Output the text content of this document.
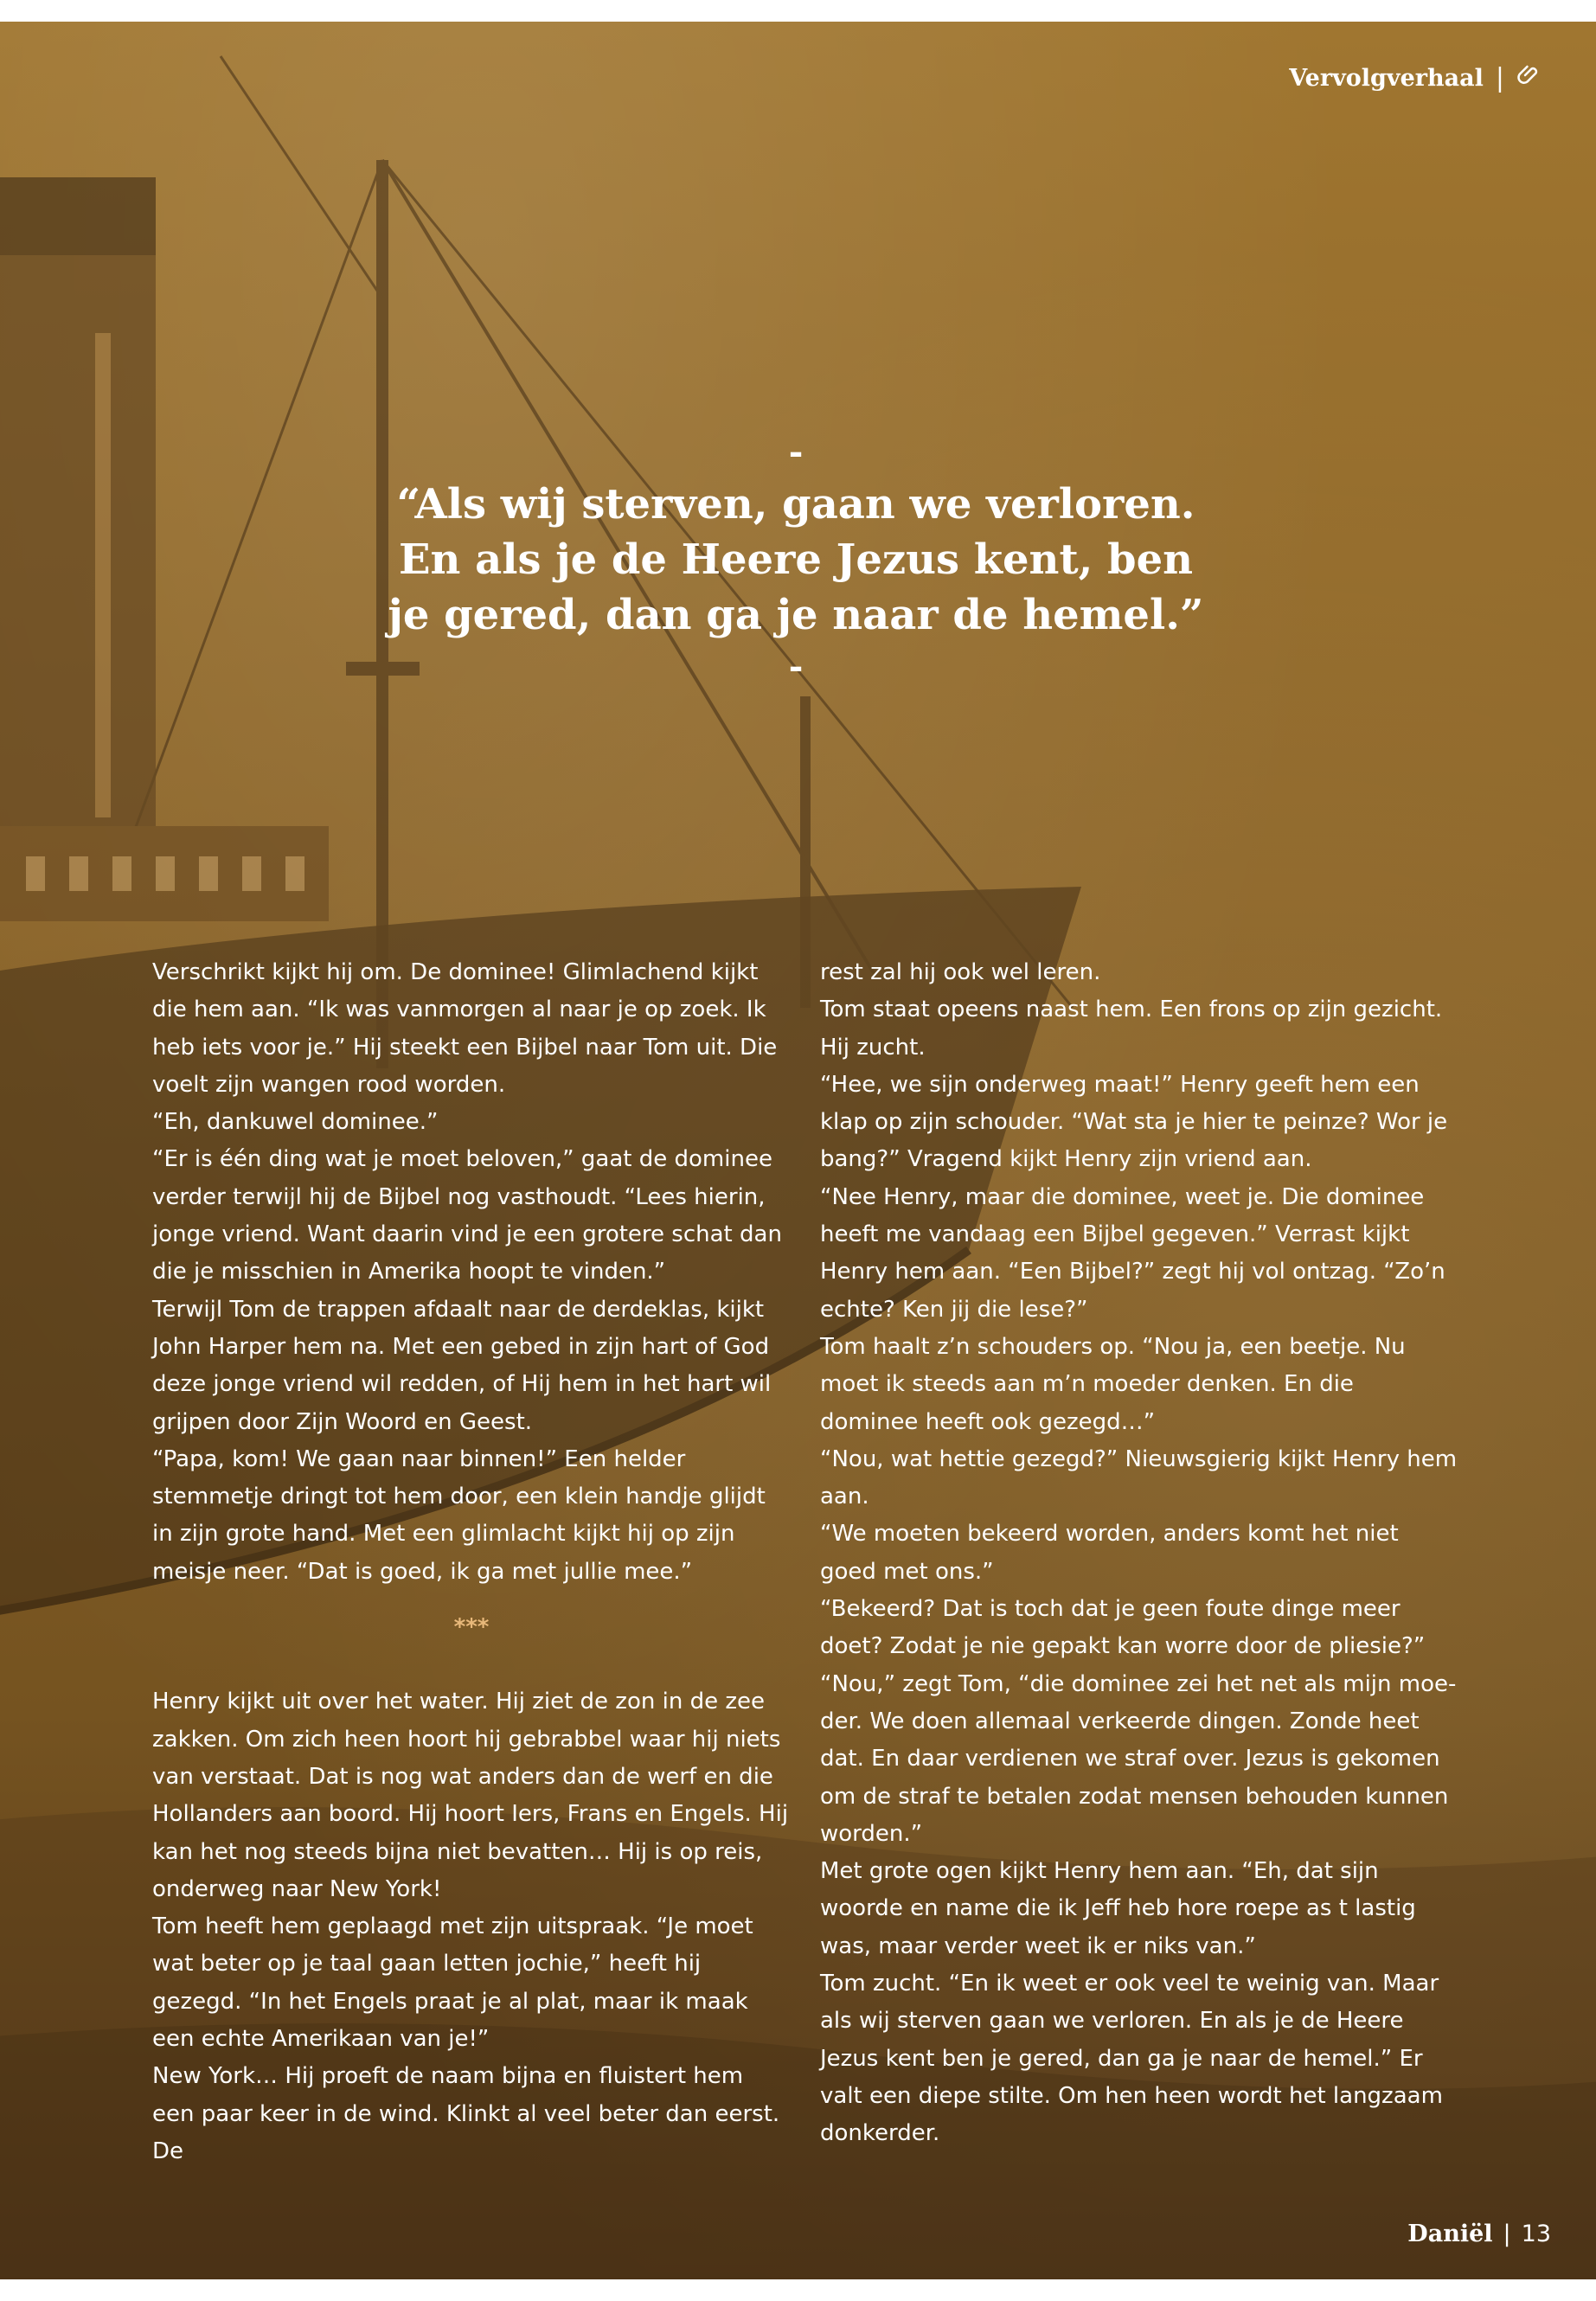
Vervolgverhaal |
-
“Als wij sterven, gaan we verloren. En als je de Heere Jezus kent, ben je gered, dan ga je naar de hemel.”
-

Verschrikt kijkt hij om. De dominee! Glimlachend kijkt die hem aan. “Ik was vanmorgen al naar je op zoek. Ik heb iets voor je.” Hij steekt een Bijbel naar Tom uit. Die voelt zijn wangen rood worden.

“Eh, dankuwel dominee.”

“Er is één ding wat je moet beloven,” gaat de dominee verder terwijl hij de Bijbel nog vasthoudt. “Lees hierin, jonge vriend. Want daarin vind je een grotere schat dan die je misschien in Amerika hoopt te vinden.”

Terwijl Tom de trappen afdaalt naar de derdeklas, kijkt John Harper hem na. Met een gebed in zijn hart of God deze jonge vriend wil redden, of Hij hem in het hart wil grijpen door Zijn Woord en Geest.

“Papa, kom! We gaan naar binnen!” Een helder stemmetje dringt tot hem door, een klein handje glijdt in zijn grote hand. Met een glimlacht kijkt hij op zijn meisje neer. “Dat is goed, ik ga met jullie mee.”

***

Henry kijkt uit over het water. Hij ziet de zon in de zee zakken. Om zich heen hoort hij gebrabbel waar hij niets van verstaat. Dat is nog wat anders dan de werf en die Hollanders aan boord. Hij hoort Iers, Frans en Engels. Hij kan het nog steeds bijna niet bevatten… Hij is op reis, onderweg naar New York!

Tom heeft hem geplaagd met zijn uitspraak. “Je moet wat beter op je taal gaan letten jochie,” heeft hij gezegd. “In het Engels praat je al plat, maar ik maak een echte Amerikaan van je!”

New York… Hij proeft de naam bijna en fluistert hem een paar keer in de wind. Klinkt al veel beter dan eerst. De

rest zal hij ook wel leren.

Tom staat opeens naast hem. Een frons op zijn gezicht. Hij zucht.

“Hee, we sijn onderweg maat!” Henry geeft hem een klap op zijn schouder. “Wat sta je hier te peinze? Wor je bang?” Vragend kijkt Henry zijn vriend aan.

“Nee Henry, maar die dominee, weet je. Die dominee heeft me vandaag een Bijbel gegeven.” Verrast kijkt Henry hem aan. “Een Bijbel?” zegt hij vol ontzag. “Zo’n echte? Ken jij die lese?”

Tom haalt z’n schouders op. “Nou ja, een beetje. Nu moet ik steeds aan m’n moeder denken. En die dominee heeft ook gezegd…”

“Nou, wat hettie gezegd?” Nieuwsgierig kijkt Henry hem aan.

“We moeten bekeerd worden, anders komt het niet goed met ons.”

“Bekeerd? Dat is toch dat je geen foute dinge meer doet? Zodat je nie gepakt kan worre door de pliesie?”

“Nou,” zegt Tom, “die dominee zei het net als mijn moeder. We doen allemaal verkeerde dingen. Zonde heet dat. En daar verdienen we straf over. Jezus is gekomen om de straf te betalen zodat mensen behouden kunnen worden.”

Met grote ogen kijkt Henry hem aan. “Eh, dat sijn woorde en name die ik Jeff heb hore roepe as t lastig was, maar verder weet ik er niks van.”

Tom zucht. “En ik weet er ook veel te weinig van. Maar als wij sterven gaan we verloren. En als je de Heere Jezus kent ben je gered, dan ga je naar de hemel.” Er valt een diepe stilte. Om hen heen wordt het langzaam donkerder.

Daniël | 13
